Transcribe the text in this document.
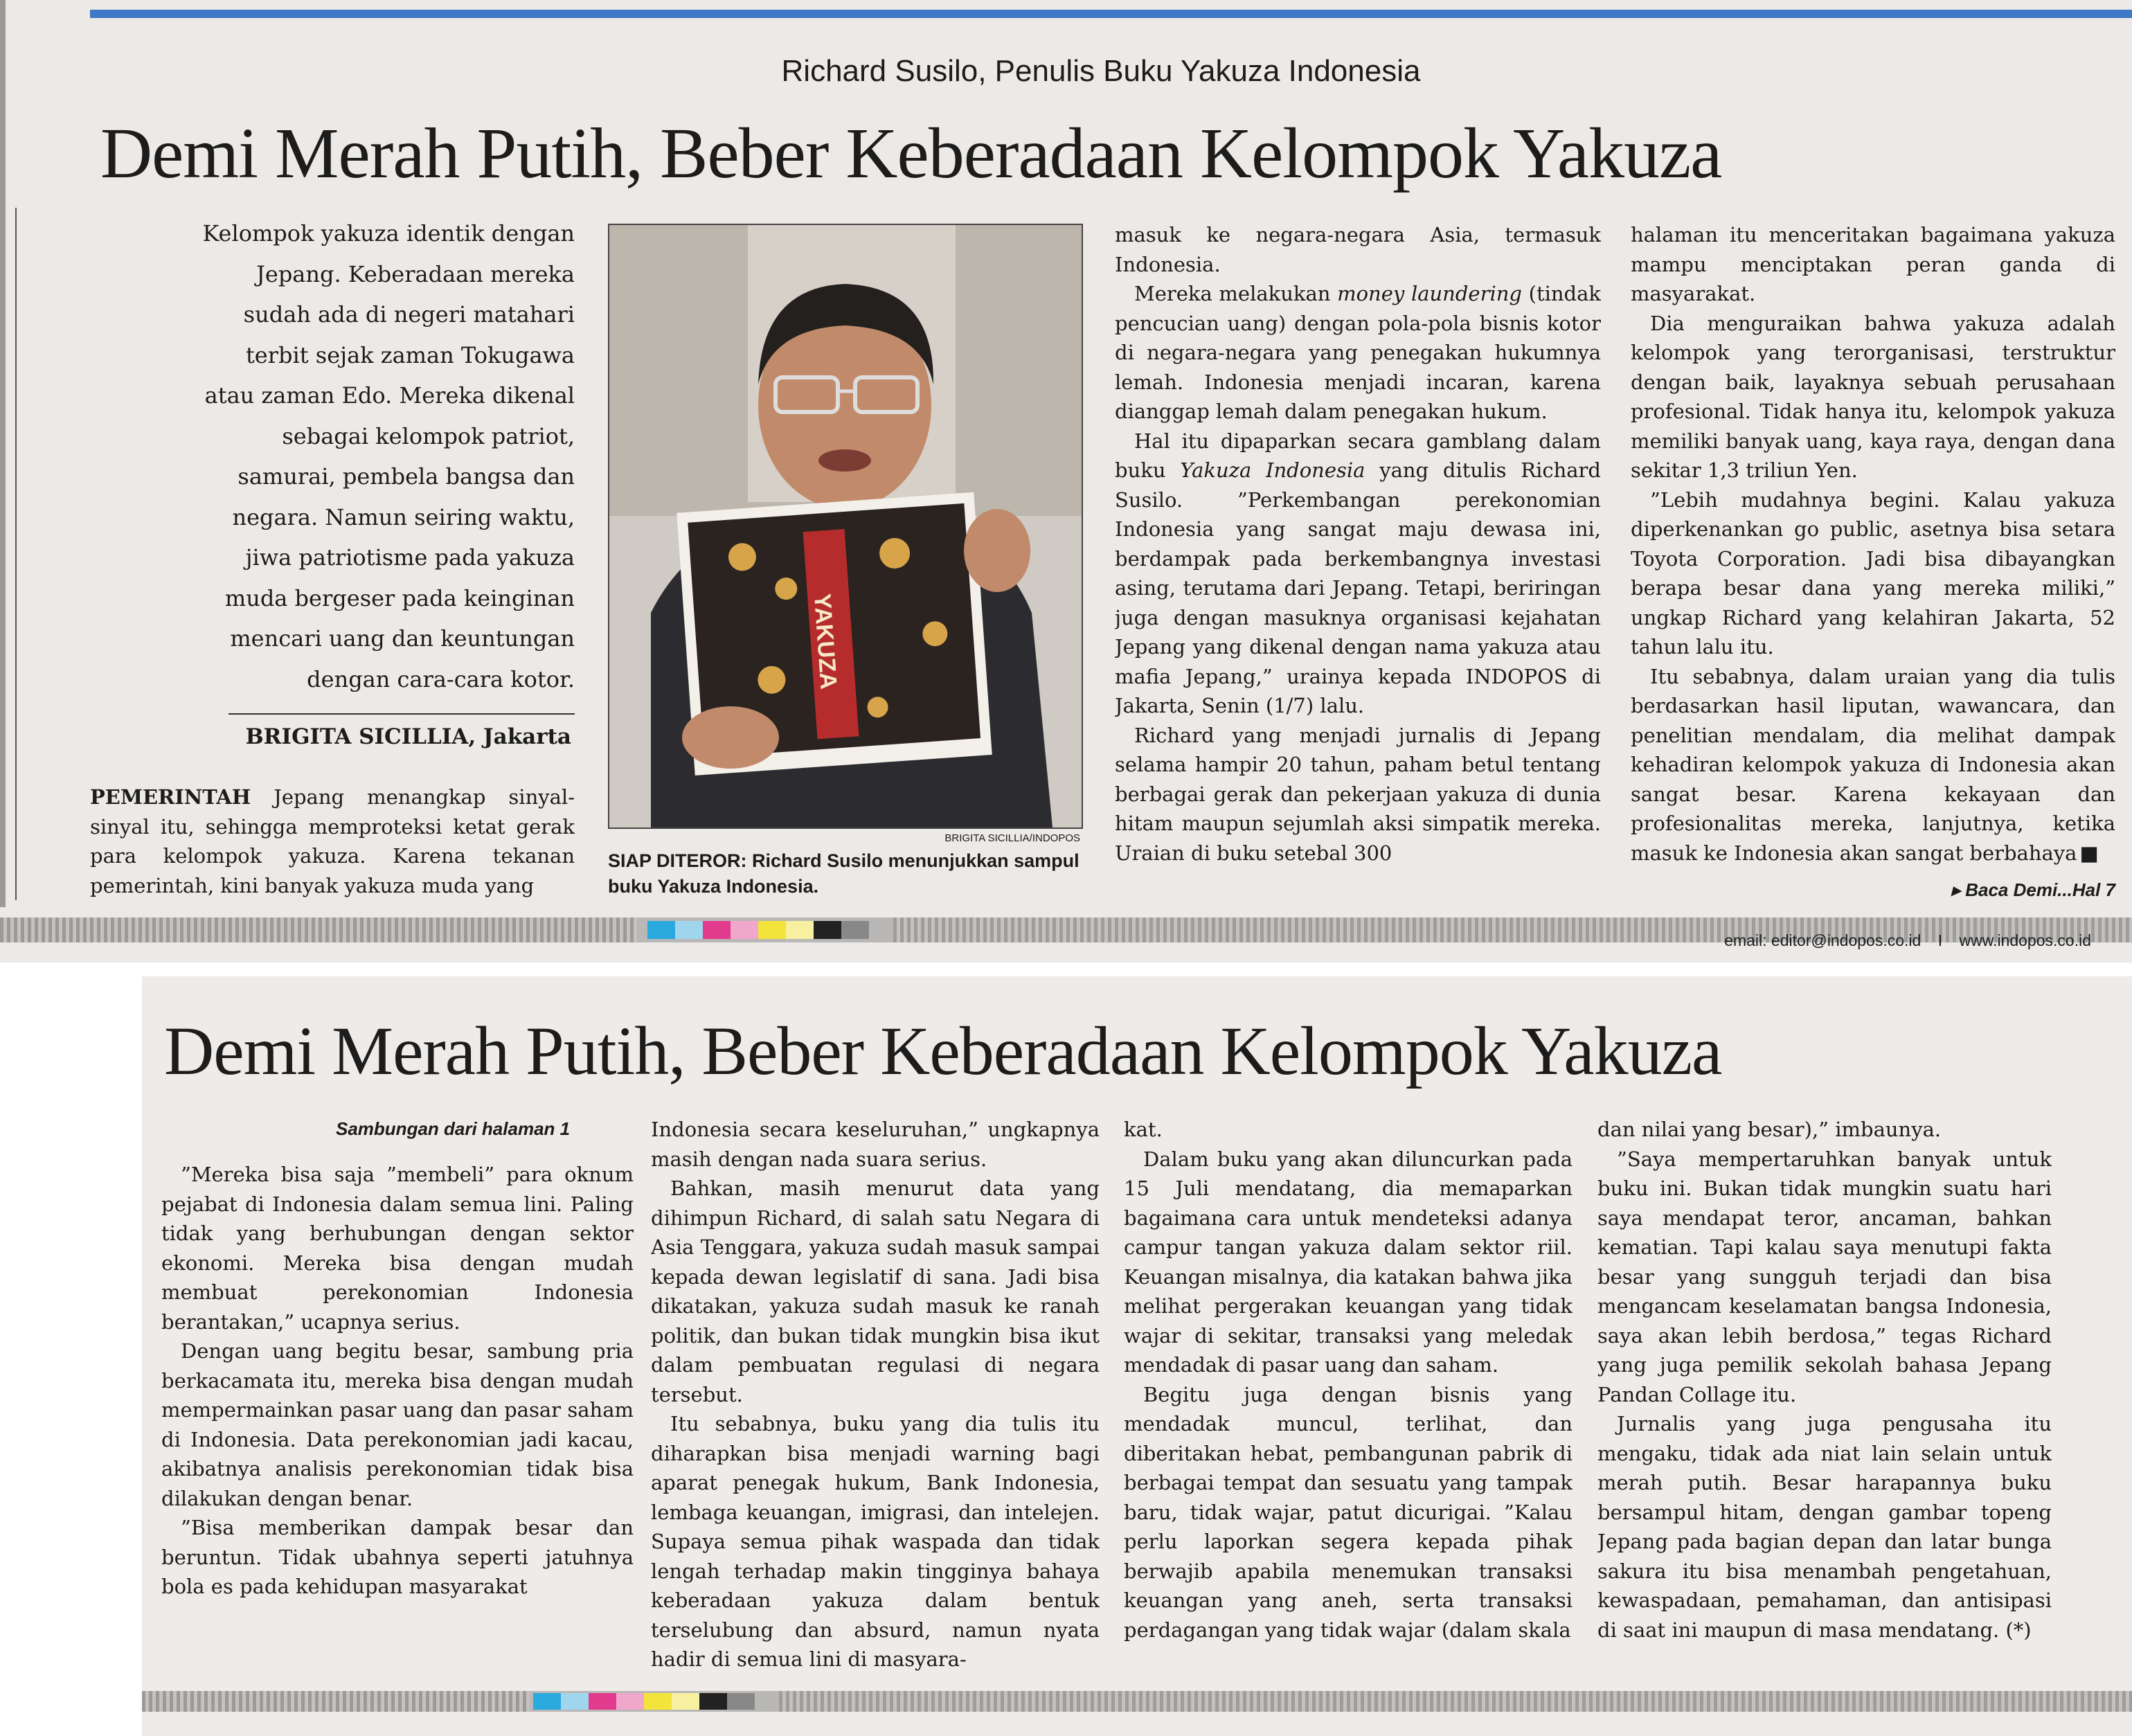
Richard Susilo, Penulis Buku Yakuza Indonesia
Demi Merah Putih, Beber Keberadaan Kelompok Yakuza
Kelompok yakuza identik dengan
Jepang. Keberadaan mereka
sudah ada di negeri matahari
terbit sejak zaman Tokugawa
atau zaman Edo. Mereka dikenal
sebagai kelompok patriot,
samurai, pembela bangsa dan
negara. Namun seiring waktu,
jiwa patriotisme pada yakuza
muda bergeser pada keinginan
mencari uang dan keuntungan
dengan cara-cara kotor.
BRIGITA SICILLIA, Jakarta

PEMERINTAH Jepang menangkap sinyal-sinyal itu, sehingga memproteksi ketat gerak para kelompok yakuza. Karena tekanan pemerintah, kini banyak yakuza muda yang

YAKUZA
BRIGITA SICILLIA/INDOPOS
SIAP DITEROR: Richard Susilo menunjukkan sampul buku Yakuza Indonesia.

masuk ke negara-negara Asia, termasuk Indonesia.

Mereka melakukan money laundering (tindak pencucian uang) dengan pola-pola bisnis kotor di negara-negara yang penegakan hukumnya lemah. Indonesia menjadi incaran, karena dianggap lemah dalam penegakan hukum.

Hal itu dipaparkan secara gamblang dalam buku Yakuza Indonesia yang ditulis Richard Susilo. ”Perkembangan perekonomian Indonesia yang sangat maju dewasa ini, berdampak pada berkembangnya investasi asing, terutama dari Jepang. Tetapi, beriringan juga dengan masuknya organisasi kejahatan Jepang yang dikenal dengan nama yakuza atau mafia Jepang,” urainya kepada INDOPOS di Jakarta, Senin (1/7) lalu.

Richard yang menjadi jurnalis di Jepang selama hampir 20 tahun, paham betul tentang berbagai gerak dan pekerjaan yakuza di dunia hitam maupun sejumlah aksi simpatik mereka. Uraian di buku setebal 300

halaman itu menceritakan bagaimana yakuza mampu menciptakan peran ganda di masyarakat.

Dia menguraikan bahwa yakuza adalah kelompok yang terorganisasi, terstruktur dengan baik, layaknya sebuah perusahaan profesional. Tidak hanya itu, kelompok yakuza memiliki banyak uang, kaya raya, dengan dana sekitar 1,3 triliun Yen.

”Lebih mudahnya begini. Kalau yakuza diperkenankan go public, asetnya bisa setara Toyota Corporation. Jadi bisa dibayangkan berapa besar dana yang mereka miliki,” ungkap Richard yang kelahiran Jakarta, 52 tahun lalu itu.

Itu sebabnya, dalam uraian yang dia tulis berdasarkan hasil liputan, wawancara, dan penelitian mendalam, dia melihat dampak kehadiran kelompok yakuza di Indonesia akan sangat besar. Karena kekayaan dan profesionalitas mereka, lanjutnya, ketika masuk ke Indonesia akan sangat berbahaya ■

▸ Baca Demi...Hal 7
email: editor@indopos.co.id I www.indopos.co.id
Demi Merah Putih, Beber Keberadaan Kelompok Yakuza
Sambungan dari halaman 1

”Mereka bisa saja ”membeli” para oknum pejabat di Indonesia dalam semua lini. Paling tidak yang berhubungan dengan sektor ekonomi. Mereka bisa dengan mudah membuat perekonomian Indonesia berantakan,” ucapnya serius.

Dengan uang begitu besar, sambung pria berkacamata itu, mereka bisa dengan mudah mempermainkan pasar uang dan pasar saham di Indonesia. Data perekonomian jadi kacau, akibatnya analisis perekonomian tidak bisa dilakukan dengan benar.

”Bisa memberikan dampak besar dan beruntun. Tidak ubahnya seperti jatuhnya bola es pada kehidupan masyarakat

Indonesia secara keseluruhan,” ungkapnya masih dengan nada suara serius.

Bahkan, masih menurut data yang dihimpun Richard, di salah satu Negara di Asia Tenggara, yakuza sudah masuk sampai kepada dewan legislatif di sana. Jadi bisa dikatakan, yakuza sudah masuk ke ranah politik, dan bukan tidak mungkin bisa ikut dalam pembuatan regulasi di negara tersebut.

Itu sebabnya, buku yang dia tulis itu diharapkan bisa menjadi warning bagi aparat penegak hukum, Bank Indonesia, lembaga keuangan, imigrasi, dan intelejen. Supaya semua pihak waspada dan tidak lengah terhadap makin tingginya bahaya keberadaan yakuza dalam bentuk terselubung dan absurd, namun nyata hadir di semua lini di masyara-

kat.

Dalam buku yang akan diluncurkan pada 15 Juli mendatang, dia memaparkan bagaimana cara untuk mendeteksi adanya campur tangan yakuza dalam sektor riil. Keuangan misalnya, dia katakan bahwa jika melihat pergerakan keuangan yang tidak wajar di sekitar, transaksi yang meledak mendadak di pasar uang dan saham.

Begitu juga dengan bisnis yang mendadak muncul, terlihat, dan diberitakan hebat, pembangunan pabrik di berbagai tempat dan sesuatu yang tampak baru, tidak wajar, patut dicurigai. ”Kalau perlu laporkan segera kepada pihak berwajib apabila menemukan transaksi keuangan yang aneh, serta transaksi perdagangan yang tidak wajar (dalam skala

dan nilai yang besar),” imbaunya.

”Saya mempertaruhkan banyak untuk buku ini. Bukan tidak mungkin suatu hari saya mendapat teror, ancaman, bahkan kematian. Tapi kalau saya menutupi fakta besar yang sungguh terjadi dan bisa mengancam keselamatan bangsa Indonesia, saya akan lebih berdosa,” tegas Richard yang juga pemilik sekolah bahasa Jepang Pandan Collage itu.

Jurnalis yang juga pengusaha itu mengaku, tidak ada niat lain selain untuk merah putih. Besar harapannya buku bersampul hitam, dengan gambar topeng Jepang pada bagian depan dan latar bunga sakura itu bisa menambah pengetahuan, kewaspadaan, pemahaman, dan antisipasi di saat ini maupun di masa mendatang. (*)
